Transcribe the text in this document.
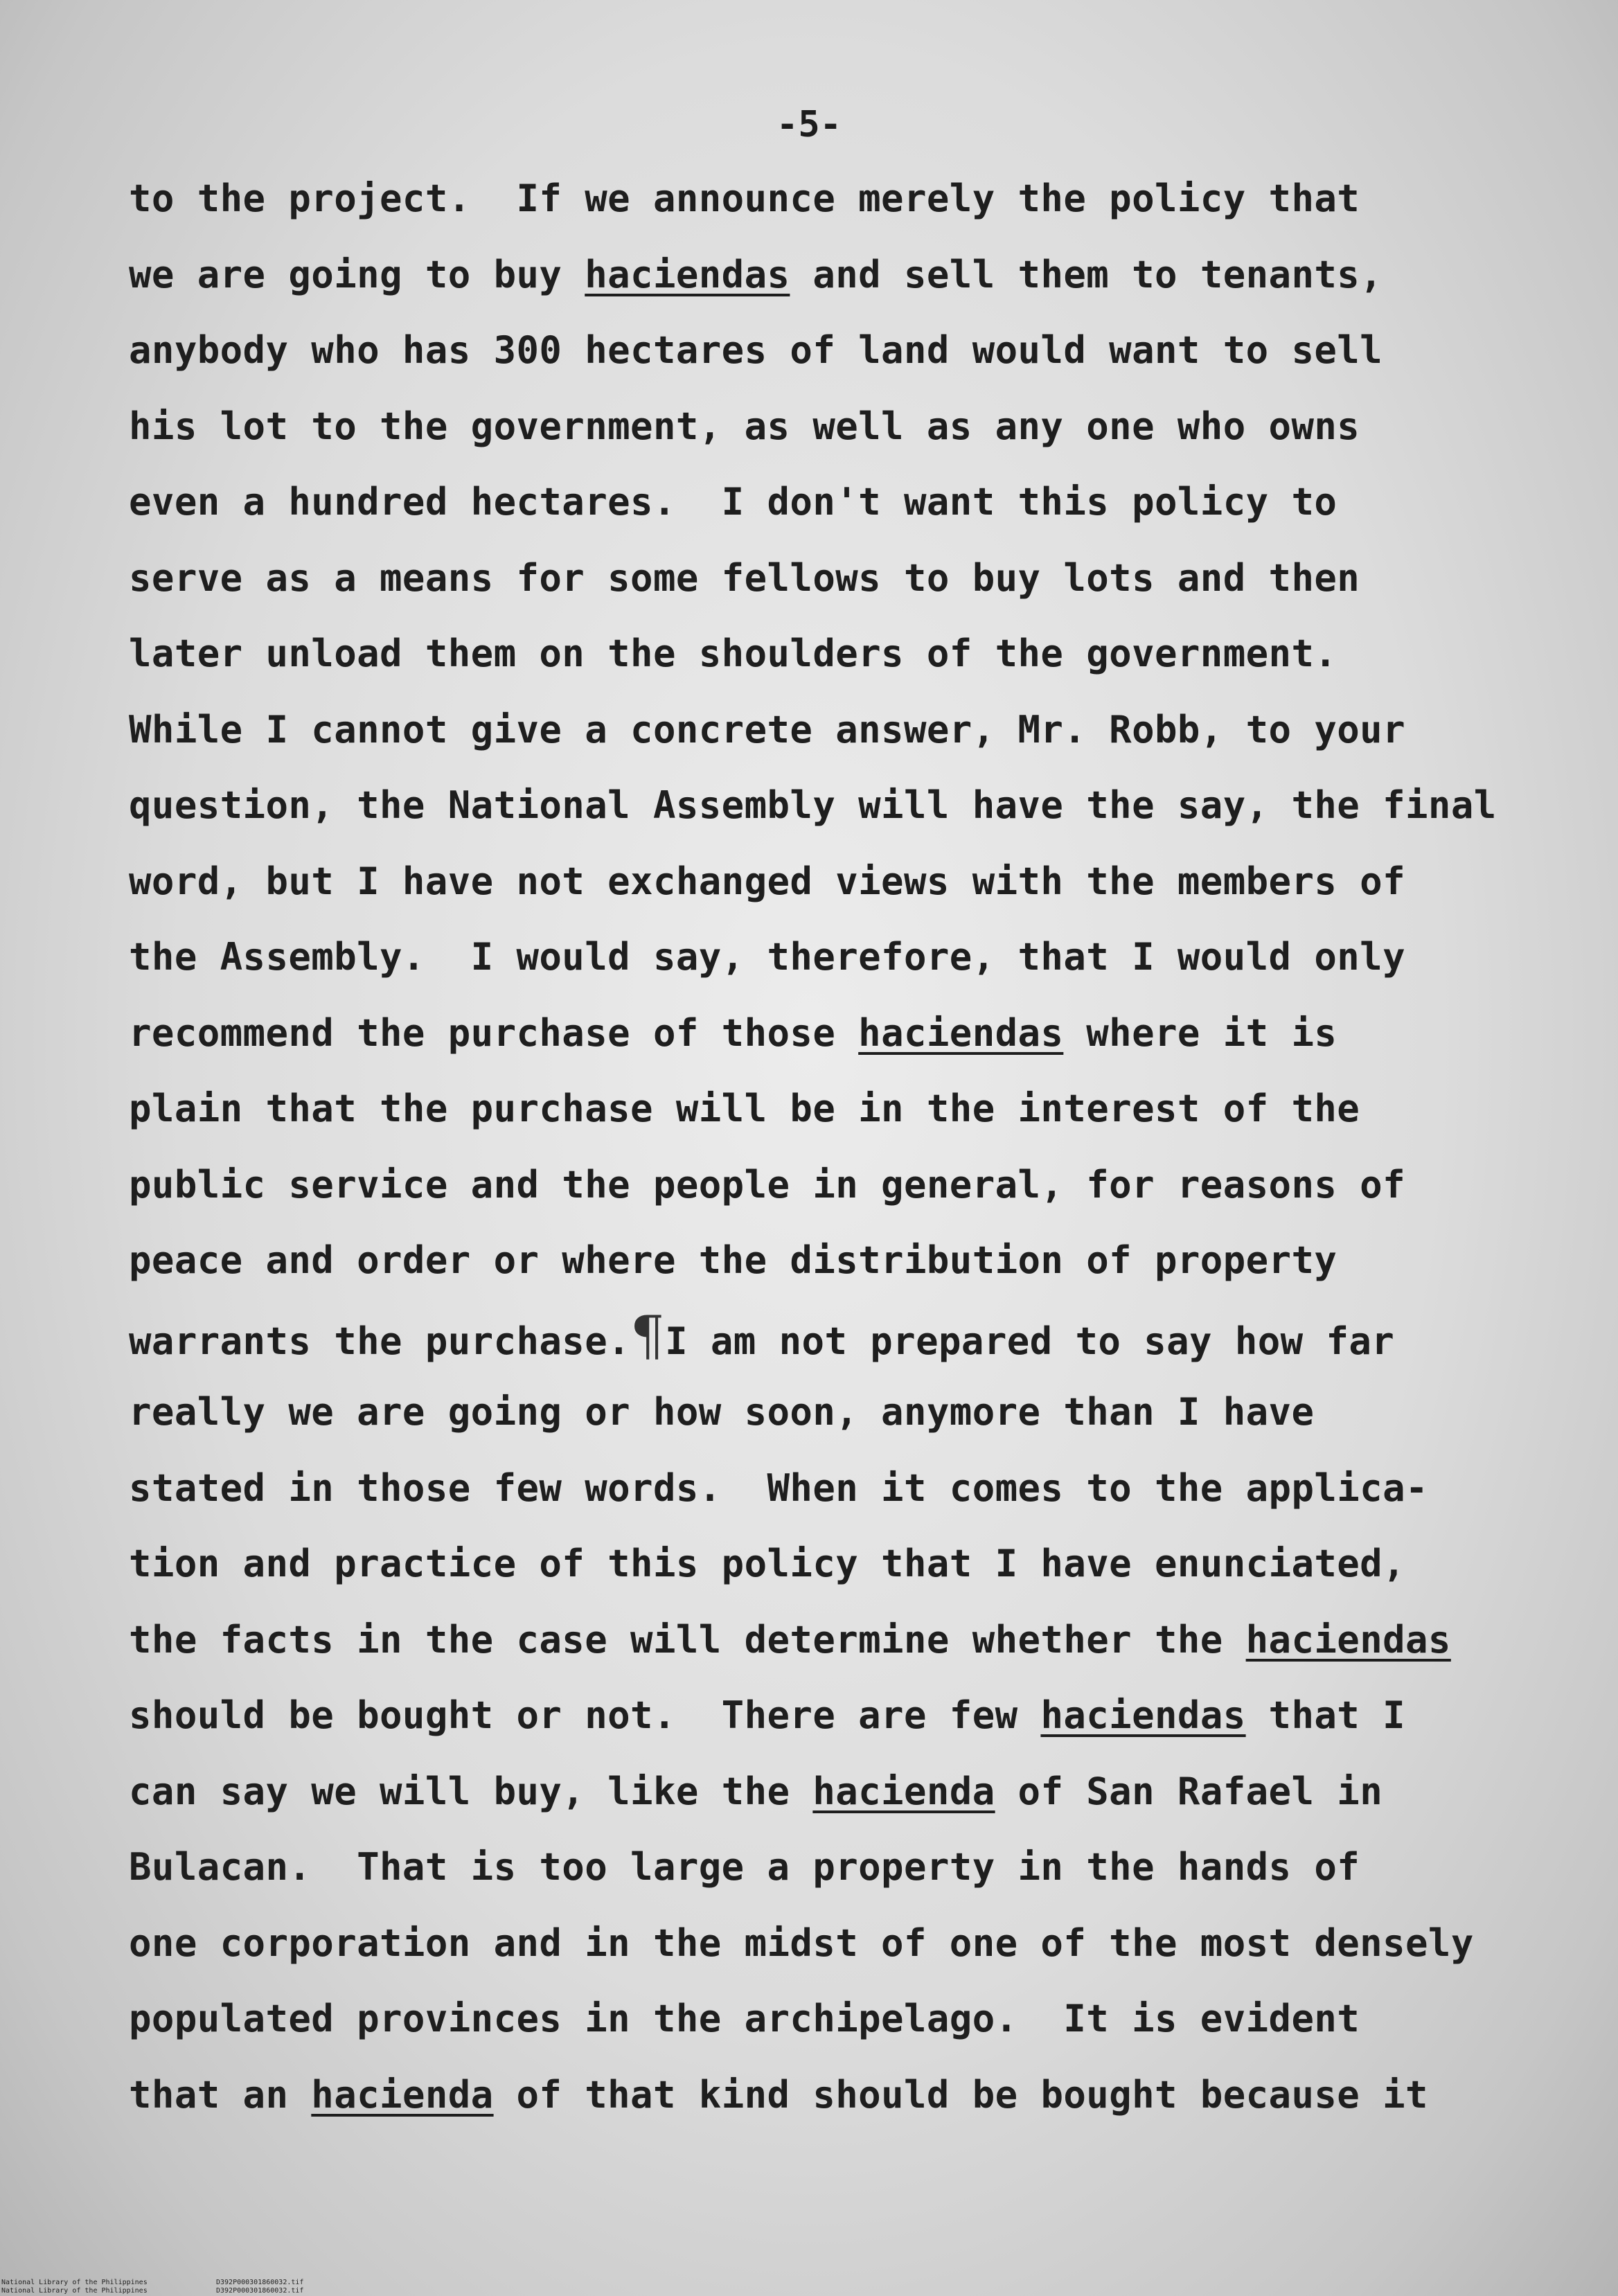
-5-
to the project.  If we announce merely the policy that
we are going to buy haciendas and sell them to tenants,
anybody who has 300 hectares of land would want to sell
his lot to the government, as well as any one who owns
even a hundred hectares.  I don't want this policy to
serve as a means for some fellows to buy lots and then
later unload them on the shoulders of the government.
While I cannot give a concrete answer, Mr. Robb, to your
question, the National Assembly will have the say, the final
word, but I have not exchanged views with the members of
the Assembly.  I would say, therefore, that I would only
recommend the purchase of those haciendas where it is
plain that the purchase will be in the interest of the
public service and the people in general, for reasons of
peace and order or where the distribution of property
warrants the purchase.¶I am not prepared to say how far
really we are going or how soon, anymore than I have
stated in those few words.  When it comes to the applica-
tion and practice of this policy that I have enunciated,
the facts in the case will determine whether the haciendas
should be bought or not.  There are few haciendas that I
can say we will buy, like the hacienda of San Rafael in
Bulacan.  That is too large a property in the hands of
one corporation and in the midst of one of the most densely
populated provinces in the archipelago.  It is evident
that an hacienda of that kind should be bought because it
National Library of the Philippines	D392P000301860032.tif
National Library of the Philippines	D392P000301860032.tif
